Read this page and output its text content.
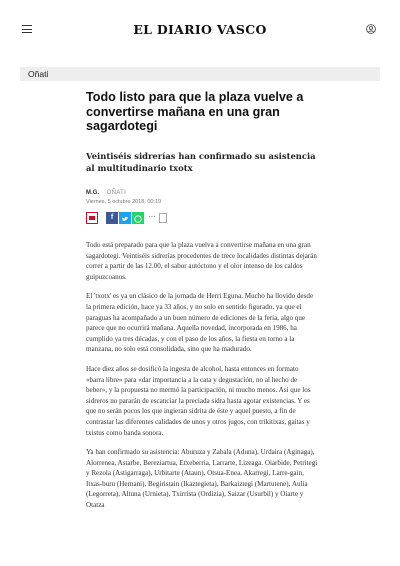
EL DIARIO VASCO
Oñati
Todo listo para que la plaza vuelve a convertirse mañana en una gran sagardotegi
Veintiséis sidrerías han confirmado su asistencia al multitudinario txotx
M.G. OÑATI
Viernes, 5 octubre 2018, 00:19
f	···

Todo está preparado para que la plaza vuelva a convertirse mañana en una gran sagardotegi. Veintiséis sidrerías procedentes de trece localidades distintas dejarán correr a partir de las 12.00, el sabor autóctono y el olor intenso de los caldos guipuzcoanos.

El 'txotx' es ya un clásico de la jornada de Herri Eguna. Mucho ha llovido desde la primera edición, hace ya 33 años, y no solo en sentido figurado, ya que el paraguas ha acompañado a un buen número de ediciones de la feria, algo que parece que no ocurrirá mañana. Aquella novedad, incorporada en 1986, ha cumplido ya tres décadas, y con el paso de los años, la fiesta en torno a la manzana, no solo está consolidada, sino que ha madurado.

Hace diez años se dosificó la ingesta de alcohol, hasta entonces en formato «barra libre» para «dar importancia a la cata y degustación, no al hecho de beber», y la propuesta no mermó la participación, ni mucho menos. Así que los sidreros no pararán de escanciar la preciada sidra hasta agotar existencias. Y es que no serán pocos los que ingieran sidrita de éste y aquel puesto, a fin de contrastar las diferentes calidades de unos y otros jugos, con trikitixas, gaitas y txistus como banda sonora.

Ya han confirmado su asistencia: Aburuza y Zabala (Aduna), Urdaira (Aginaga), Alorrenea, Astarbe, Bereziartua, Etxeberria, Larrarte, Lizeaga. Oiarbide, Petritegi y Rezola (Astigarraga), Urbitarte (Ataun), Otsua-Enea, Akarregi, Larre-gain, Itxas-buru (Hernani), Begiristain (Ikaztegieta), Barkaiztegi (Martutene), Aulia (Legorreta), Altuna (Urnieta), Txirrista (Ordizia), Saizar (Usurbil) y Oiarte y Otatza
